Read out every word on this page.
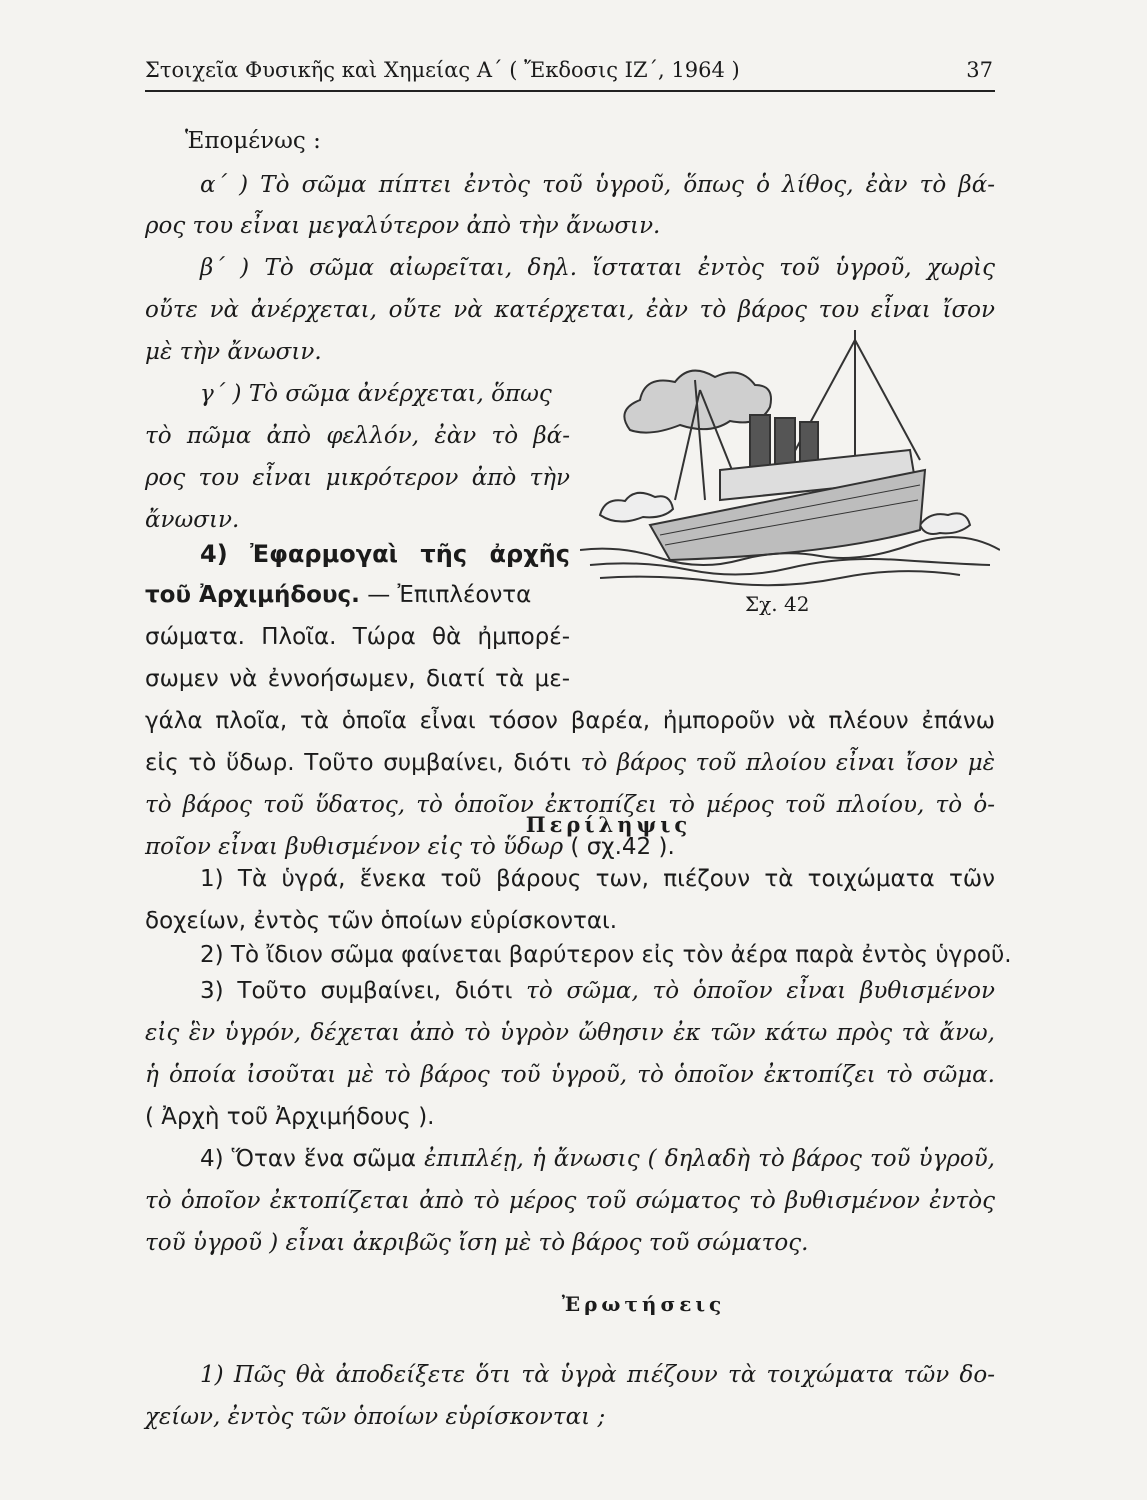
Στοιχεῖα Φυσικῆς καὶ Χημείας Α΄ ( Ἔκδοσις ΙΖ΄, 1964 )	37
Ἑπομένως :
α΄ ) Τὸ σῶμα πίπτει ἐντὸς τοῦ ὑγροῦ, ὅπως ὁ λίθος, ἐὰν τὸ βά-
ρος του εἶναι μεγαλύτερον ἀπὸ τὴν ἄνωσιν.
β΄ ) Τὸ σῶμα αἰωρεῖται, δηλ. ἵσταται ἐντὸς τοῦ ὑγροῦ, χωρὶς
οὔτε νὰ ἀνέρχεται, οὔτε νὰ κατέρχεται, ἐὰν τὸ βάρος του εἶναι ἴσον
μὲ τὴν ἄνωσιν.
γ΄ ) Τὸ σῶμα ἀνέρχεται, ὅπως
τὸ πῶμα ἀπὸ φελλόν, ἐὰν τὸ βά-
ρος του εἶναι μικρότερον ἀπὸ τὴν
ἄνωσιν.
4) Ἐφαρμογαὶ τῆς ἀρχῆς
τοῦ Ἀρχιμήδους. — Ἐπιπλέοντα
σώματα. Πλοῖα. Τώρα θὰ ἠμπορέ-
σωμεν νὰ ἐννοήσωμεν, διατί τὰ με-
γάλα πλοῖα, τὰ ὁποῖα εἶναι τόσον βαρέα, ἠμποροῦν νὰ πλέουν ἐπάνω
εἰς τὸ ὕδωρ. Τοῦτο συμβαίνει, διότι τὸ βάρος τοῦ πλοίου εἶναι ἴσον μὲ
τὸ βάρος τοῦ ὕδατος, τὸ ὁποῖον ἐκτοπίζει τὸ μέρος τοῦ πλοίου, τὸ ὁ-
ποῖον εἶναι βυθισμένον εἰς τὸ ὕδωρ ( σχ.42 ).
Σχ. 42
Περίληψις
1) Τὰ ὑγρά, ἕνεκα τοῦ βάρους των, πιέζουν τὰ τοιχώματα τῶν
δοχείων, ἐντὸς τῶν ὁποίων εὑρίσκονται.
2) Τὸ ἴδιον σῶμα φαίνεται βαρύτερον εἰς τὸν ἀέρα παρὰ ἐντὸς ὑγροῦ.
3) Τοῦτο συμβαίνει, διότι τὸ σῶμα, τὸ ὁποῖον εἶναι βυθισμένον
εἰς ἓν ὑγρόν, δέχεται ἀπὸ τὸ ὑγρὸν ὤθησιν ἐκ τῶν κάτω πρὸς τὰ ἄνω,
ἡ ὁποία ἰσοῦται μὲ τὸ βάρος τοῦ ὑγροῦ, τὸ ὁποῖον ἐκτοπίζει τὸ σῶμα.
( Ἀρχὴ τοῦ Ἀρχιμήδους ).
4) Ὅταν ἕνα σῶμα ἐπιπλέῃ, ἡ ἄνωσις ( δηλαδὴ τὸ βάρος τοῦ ὑγροῦ,
τὸ ὁποῖον ἐκτοπίζεται ἀπὸ τὸ μέρος τοῦ σώματος τὸ βυθισμένον ἐντὸς
τοῦ ὑγροῦ ) εἶναι ἀκριβῶς ἴση μὲ τὸ βάρος τοῦ σώματος.
Ἐρωτήσεις
1) Πῶς θὰ ἀποδείξετε ὅτι τὰ ὑγρὰ πιέζουν τὰ τοιχώματα τῶν δο-
χείων, ἐντὸς τῶν ὁποίων εὑρίσκονται ;
